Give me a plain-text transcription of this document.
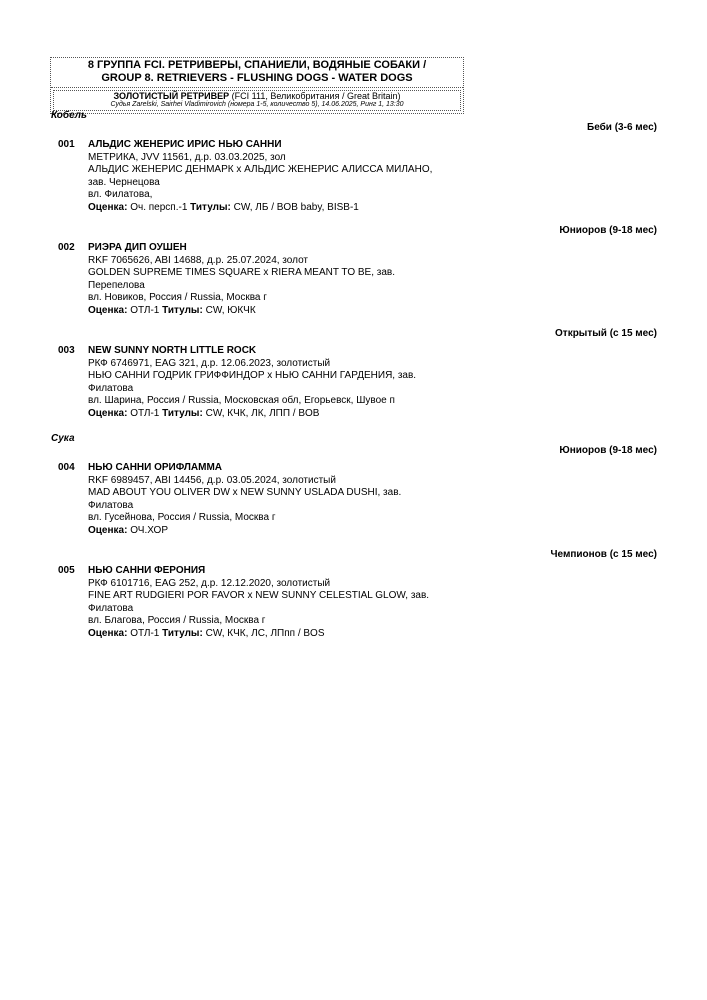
8 ГРУППА FCI. РЕТРИВЕРЫ, СПАНИЕЛИ, ВОДЯНЫЕ СОБАКИ /
GROUP 8. RETRIEVERS - FLUSHING DOGS - WATER DOGS
ЗОЛОТИСТЫЙ РЕТРИВЕР (FCI 111, Великобритания / Great Britain)
Судья Zarelski, Sairhei Vladimirovich (номера 1-5, количество 5), 14.06.2025, Ринг 1, 13:30
Кобель
Беби (3-6 мес)
001 АЛЬДИС ЖЕНЕРИС ИРИС НЬЮ САННИ
МЕТРИКА, JVV 11561, д.р. 03.03.2025, зол
АЛЬДИС ЖЕНЕРИС ДЕНМАРК x АЛЬДИС ЖЕНЕРИС АЛИССА МИЛАНО,
зав. Чернецова
вл. Филатова,
Оценка: Оч. персп.-1 Титулы: CW, ЛБ / BOB baby, BISB-1
Юниоров (9-18 мес)
002 РИЭРА ДИП ОУШЕН
RKF 7065626, ABI 14688, д.р. 25.07.2024, золот
GOLDEN SUPREME TIMES SQUARE x RIERA MEANT TO BE, зав.
Перепелова
вл. Новиков, Россия / Russia, Москва г
Оценка: ОТЛ-1 Титулы: CW, ЮКЧК
Открытый (с 15 мес)
003 NEW SUNNY NORTH LITTLE ROCK
РКФ 6746971, EAG 321, д.р. 12.06.2023, золотистый
НЬЮ САННИ ГОДРИК ГРИФФИНДОР x НЬЮ САННИ ГАРДЕНИЯ, зав.
Филатова
вл. Шарина, Россия / Russia, Московская обл, Егорьевск, Шувое п
Оценка: ОТЛ-1 Титулы: CW, КЧК, ЛК, ЛПП / BOB
Сука
Юниоров (9-18 мес)
004 НЬЮ САННИ ОРИФЛАММА
RKF 6989457, ABI 14456, д.р. 03.05.2024, золотистый
MAD ABOUT YOU OLIVER DW x NEW SUNNY USLADA DUSHI, зав.
Филатова
вл. Гусейнова, Россия / Russia, Москва г
Оценка: ОЧ.ХОР
Чемпионов (с 15 мес)
005 НЬЮ САННИ ФЕРОНИЯ
РКФ 6101716, EAG 252, д.р. 12.12.2020, золотистый
FINE ART RUDGIERI POR FAVOR x NEW SUNNY CELESTIAL GLOW, зав.
Филатова
вл. Благова, Россия / Russia, Москва г
Оценка: ОТЛ-1 Титулы: CW, КЧК, ЛС, ЛПпп / BOS
